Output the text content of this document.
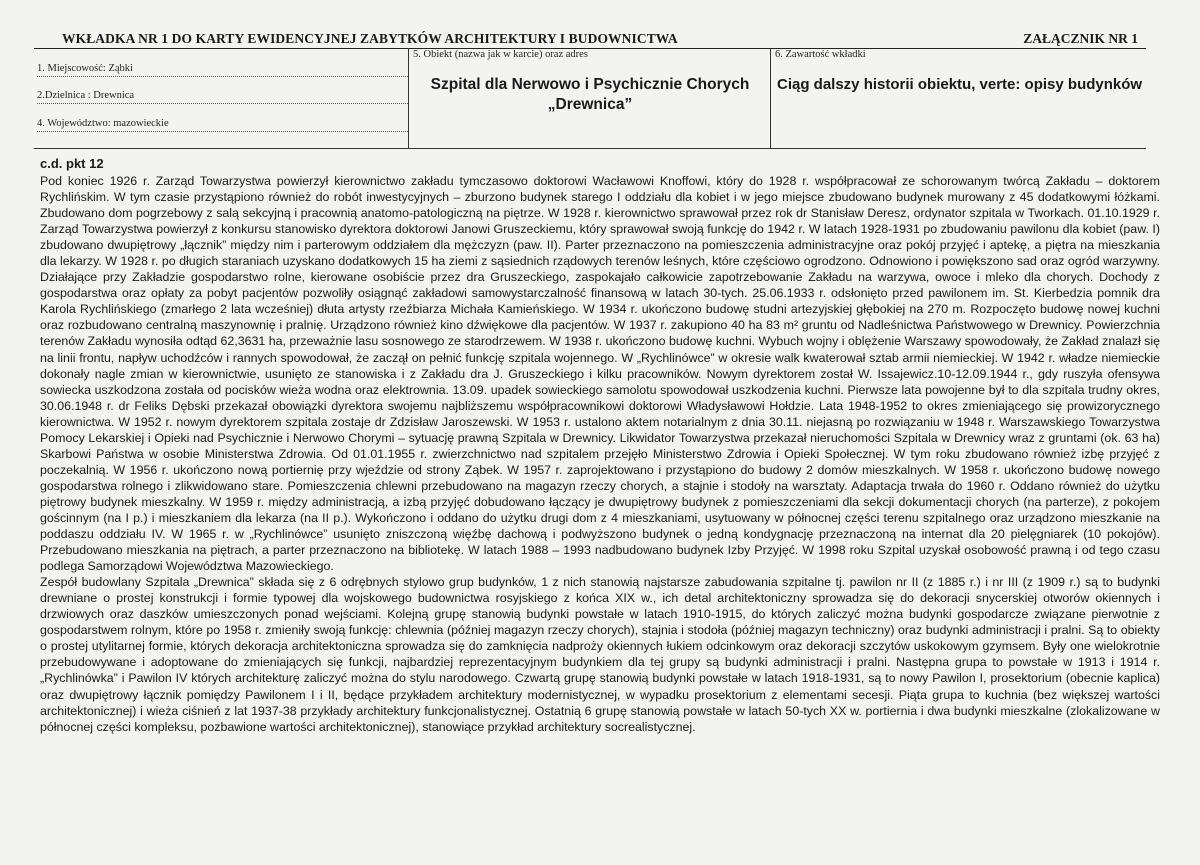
WKŁADKA NR 1 DO KARTY EWIDENCYJNEJ ZABYTKÓW ARCHITEKTURY I BUDOWNICTWA	ZAŁĄCZNIK NR 1
1. Miejscowość: Ząbki
2.Dzielnica : Drewnica
4. Województwo: mazowieckie
5. Obiekt (nazwa jak w karcie) oraz adres
Szpital dla Nerwowo i Psychicznie Chorych
„Drewnica”
6. Zawartość wkładki
Ciąg dalszy historii obiektu, verte: opisy budynków
c.d. pkt 12

Pod koniec 1926 r. Zarząd Towarzystwa powierzył kierownictwo zakładu tymczasowo doktorowi Wacławowi Knoffowi, który do 1928 r. współpracował ze schorowanym twórcą Zakładu – doktorem Rychlińskim. W tym czasie przystąpiono również do robót inwestycyjnych – zburzono budynek starego I oddziału dla kobiet i w jego miejsce zbudowano budynek murowany z 45 dodatkowymi łóżkami. Zbudowano dom pogrzebowy z salą sekcyjną i pracownią anatomo-patologiczną na piętrze. W 1928 r. kierownictwo sprawował przez rok dr Stanisław Deresz, ordynator szpitala w Tworkach. 01.10.1929 r. Zarząd Towarzystwa powierzył z konkursu stanowisko dyrektora doktorowi Janowi Gruszeckiemu, który sprawował swoją funkcję do 1942 r. W latach 1928-1931 po zbudowaniu pawilonu dla kobiet (paw. I) zbudowano dwupiętrowy „łącznik” między nim i parterowym oddziałem dla mężczyzn (paw. II). Parter przeznaczono na pomieszczenia administracyjne oraz pokój przyjęć i aptekę, a piętra na mieszkania dla lekarzy. W 1928 r. po długich staraniach uzyskano dodatkowych 15 ha ziemi z sąsiednich rządowych terenów leśnych, które częściowo ogrodzono. Odnowiono i powiększono sad oraz ogród warzywny. Działające przy Zakładzie gospodarstwo rolne, kierowane osobiście przez dra Gruszeckiego, zaspokajało całkowicie zapotrzebowanie Zakładu na warzywa, owoce i mleko dla chorych. Dochody z gospodarstwa oraz opłaty za pobyt pacjentów pozwoliły osiągnąć zakładowi samowystarczalność finansową w latach 30-tych. 25.06.1933 r. odsłonięto przed pawilonem im. St. Kierbedzia pomnik dra Karola Rychlińskiego (zmarłego 2 lata wcześniej) dłuta artysty rzeźbiarza Michała Kamieńskiego. W 1934 r. ukończono budowę studni artezyjskiej głębokiej na 270 m. Rozpoczęto budowę nowej kuchni oraz rozbudowano centralną maszynownię i pralnię. Urządzono również kino dźwiękowe dla pacjentów. W 1937 r. zakupiono 40 ha 83 m² gruntu od Nadleśnictwa Państwowego w Drewnicy. Powierzchnia terenów Zakładu wynosiła odtąd 62,3631 ha, przeważnie lasu sosnowego ze starodrzewem. W 1938 r. ukończono budowę kuchni. Wybuch wojny i oblężenie Warszawy spowodowały, że Zakład znalazł się na linii frontu, napływ uchodźców i rannych spowodował, że zaczął on pełnić funkcję szpitala wojennego. W „Rychlinówce” w okresie walk kwaterował sztab armii niemieckiej. W 1942 r. władze niemieckie dokonały nagle zmian w kierownictwie, usunięto ze stanowiska i z Zakładu dra J. Gruszeckiego i kilku pracowników. Nowym dyrektorem został W. Issajewicz.10-12.09.1944 r., gdy ruszyła ofensywa sowiecka uszkodzona została od pocisków wieża wodna oraz elektrownia. 13.09. upadek sowieckiego samolotu spowodował uszkodzenia kuchni. Pierwsze lata powojenne był to dla szpitala trudny okres, 30.06.1948 r. dr Feliks Dębski przekazał obowiązki dyrektora swojemu najbliższemu współpracownikowi doktorowi Władysławowi Hołdzie. Lata 1948-1952 to okres zmieniającego się prowizorycznego kierownictwa. W 1952 r. nowym dyrektorem szpitala zostaje dr Zdzisław Jaroszewski. W 1953 r. ustalono aktem notarialnym z dnia 30.11. niejasną po rozwiązaniu w 1948 r. Warszawskiego Towarzystwa Pomocy Lekarskiej i Opieki nad Psychicznie i Nerwowo Chorymi – sytuację prawną Szpitala w Drewnicy. Likwidator Towarzystwa przekazał nieruchomości Szpitala w Drewnicy wraz z gruntami (ok. 63 ha) Skarbowi Państwa w osobie Ministerstwa Zdrowia. Od 01.01.1955 r. zwierzchnictwo nad szpitalem przejęło Ministerstwo Zdrowia i Opieki Społecznej. W tym roku zbudowano również izbę przyjęć z poczekalnią. W 1956 r. ukończono nową portiernię przy wjeździe od strony Ząbek. W 1957 r. zaprojektowano i przystąpiono do budowy 2 domów mieszkalnych. W 1958 r. ukończono budowę nowego gospodarstwa rolnego i zlikwidowano stare. Pomieszczenia chlewni przebudowano na magazyn rzeczy chorych, a stajnie i stodoły na warsztaty. Adaptacja trwała do 1960 r. Oddano również do użytku piętrowy budynek mieszkalny. W 1959 r. między administracją, a izbą przyjęć dobudowano łączący je dwupiętrowy budynek z pomieszczeniami dla sekcji dokumentacji chorych (na parterze), z pokojem gościnnym (na I p.) i mieszkaniem dla lekarza (na II p.). Wykończono i oddano do użytku drugi dom z 4 mieszkaniami, usytuowany w północnej części terenu szpitalnego oraz urządzono mieszkanie na poddaszu oddziału IV. W 1965 r. w „Rychlinówce” usunięto zniszczoną więźbę dachową i podwyższono budynek o jedną kondygnację przeznaczoną na internat dla 20 pielęgniarek (10 pokojów). Przebudowano mieszkania na piętrach, a parter przeznaczono na bibliotekę. W latach 1988 – 1993 nadbudowano budynek Izby Przyjęć. W 1998 roku Szpital uzyskał osobowość prawną i od tego czasu podlega Samorządowi Województwa Mazowieckiego.

Zespół budowlany Szpitala „Drewnica” składa się z 6 odrębnych stylowo grup budynków, 1 z nich stanowią najstarsze zabudowania szpitalne tj. pawilon nr II (z 1885 r.) i nr III (z 1909 r.) są to budynki drewniane o prostej konstrukcji i formie typowej dla wojskowego budownictwa rosyjskiego z końca XIX w., ich detal architektoniczny sprowadza się do dekoracji snycerskiej otworów okiennych i drzwiowych oraz daszków umieszczonych ponad wejściami. Kolejną grupę stanowią budynki powstałe w latach 1910-1915, do których zaliczyć można budynki gospodarcze związane pierwotnie z gospodarstwem rolnym, które po 1958 r. zmieniły swoją funkcję: chlewnia (później magazyn rzeczy chorych), stajnia i stodoła (później magazyn techniczny) oraz budynki administracji i pralni. Są to obiekty o prostej utylitarnej formie, których dekoracja architektoniczna sprowadza się do zamknięcia nadproży okiennych łukiem odcinkowym oraz dekoracji szczytów uskokowym gzymsem. Były one wielokrotnie przebudowywane i adoptowane do zmieniających się funkcji, najbardziej reprezentacyjnym budynkiem dla tej grupy są budynki administracji i pralni. Następna grupa to powstałe w 1913 i 1914 r. „Rychlinówka” i Pawilon IV których architekturę zaliczyć można do stylu narodowego. Czwartą grupę stanowią budynki powstałe w latach 1918-1931, są to nowy Pawilon I, prosektorium (obecnie kaplica) oraz dwupiętrowy łącznik pomiędzy Pawilonem I i II, będące przykładem architektury modernistycznej, w wypadku prosektorium z elementami secesji. Piąta grupa to kuchnia (bez większej wartości architektonicznej) i wieża ciśnień z lat 1937-38 przykłady architektury funkcjonalistycznej. Ostatnią 6 grupę stanowią powstałe w latach 50-tych XX w. portiernia i dwa budynki mieszkalne (zlokalizowane w północnej części kompleksu, pozbawione wartości architektonicznej), stanowiące przykład architektury socrealistycznej.
